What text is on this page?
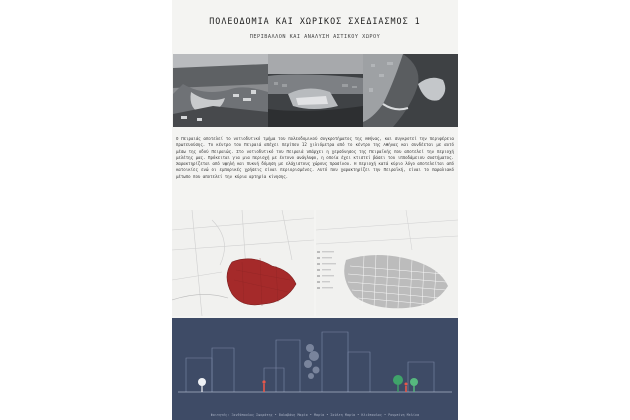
ΠΟΛΕΟΔΟΜΙΑ ΚΑΙ ΧΩΡΙΚΟΣ ΣΧΕΔΙΑΣΜΟΣ 1
ΠΕΡΙΒΑΛΛΟΝ ΚΑΙ ΑΝΑΛΥΣΗ ΑΣΤΙΚΟΥ ΧΩΡΟΥ
Ο Πειραιάς αποτελεί το νοτιοδυτικό τμήμα του πολεοδομικού συγκροτήματος της Αθήνας, και συγκροτεί την περιφέρεια πρωτευούσης. Το κέντρο του Πειραιά απέχει περίπου 12 χιλιόμετρα από το κέντρο της Αθήνας και συνδέεται με αυτό μέσω της οδού Πειραιώς. Στο νοτιοδυτικό του Πειραιά υπάρχει η χερσόνησος της Πειραϊκής που αποτελεί την περιοχή μελέτης μας. Πρόκειται για μια περιοχή με έντονο ανάγλυφο, η οποία έχει κτιστεί βάσει του ιπποδάμειου συστήματος. Χαρακτηρίζεται από υψηλή και πυκνή δόμηση με ελάχιστους χώρους πρασίνου. Η περιοχή κατά κύριο λόγο αποτελείται από κατοικίες ενώ οι εμπορικές χρήσεις είναι περιορισμένες. Αυτό που χαρακτηρίζει την Πειραϊκή, είναι το παραλιακό μέτωπο που αποτελεί την κύρια αρτηρία κίνησης.
Φοιτητές: Ξανθόπουλος Σωκράτης • Βαλαβάνη Μαρία • Μαρία • Σούλτη Μαρία • Ηλιόπουλος • Ρουμπίνη Μελίνα
